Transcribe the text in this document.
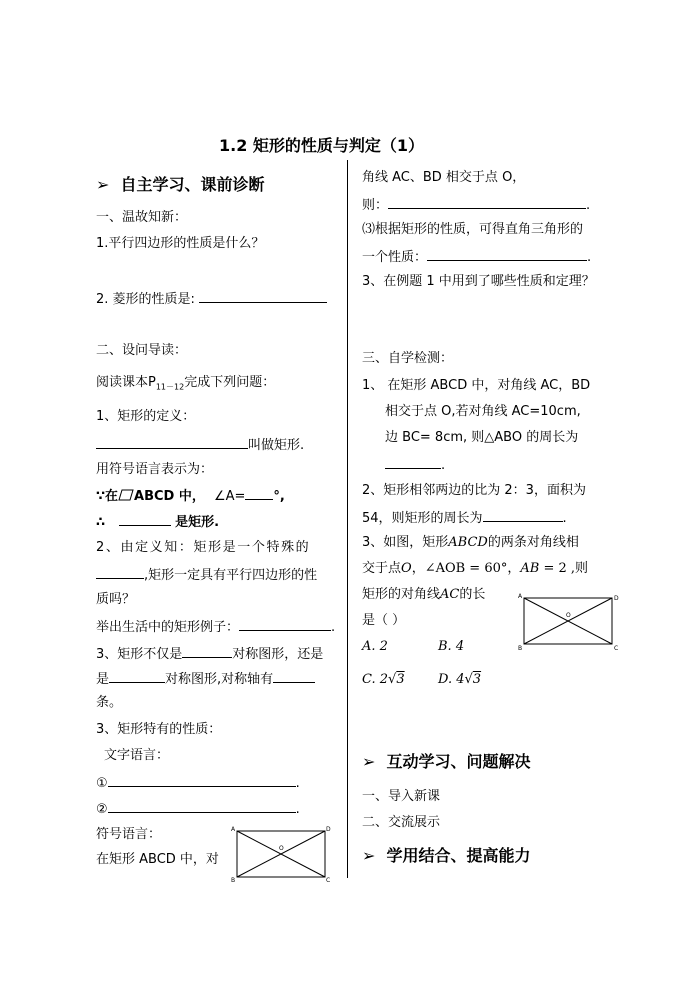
1.2 矩形的性质与判定（1）
➢ 自主学习、课前诊断
一、温故知新：
1.平行四边形的性质是什么？
2. 菱形的性质是:
二、设问导读：
阅读课本$P_{11-12}$完成下列问题：
1、矩形的定义：
叫做矩形.
用符号语言表示为：
∵在 ABCD 中， ∠A= °,
∴	是矩形.
2、由定义知：矩形是一个特殊的
,矩形一定具有平行四边形的性
质吗？
举出生活中的矩形例子：	.
3、矩形不仅是	对称图形，还是
是	对称图形,对称轴有
条。
3、矩形特有的性质：
文字语言：
①	.
②	.
符号语言：
在矩形 ABCD 中，对
A
B	C
D
O
角线 AC、BD 相交于点 O，
则：	.
⑶根据矩形的性质，可得直角三角形的
一个性质：	.
3、在例题 1 中用到了哪些性质和定理？
三、自学检测：
1、 在矩形 ABCD 中，对角线 AC，BD
相交于点 O,若对角线 AC=10cm,
边 BC= 8cm, 则△ABO 的周长为
.
2、矩形相邻两边的比为 2：3，面积为
54，则矩形的周长为	.
3、如图，矩形ABCD的两条对角线相
交于点O，∠AOB = 60°，AB = 2 ,则
矩形的对角线AC的长
是（ ）
A. 2	B. 4
C. 2√3	D. 4√3
A
B	C
D
O
➢ 互动学习、问题解决
一、导入新课
二、交流展示
➢ 学用结合、提高能力
